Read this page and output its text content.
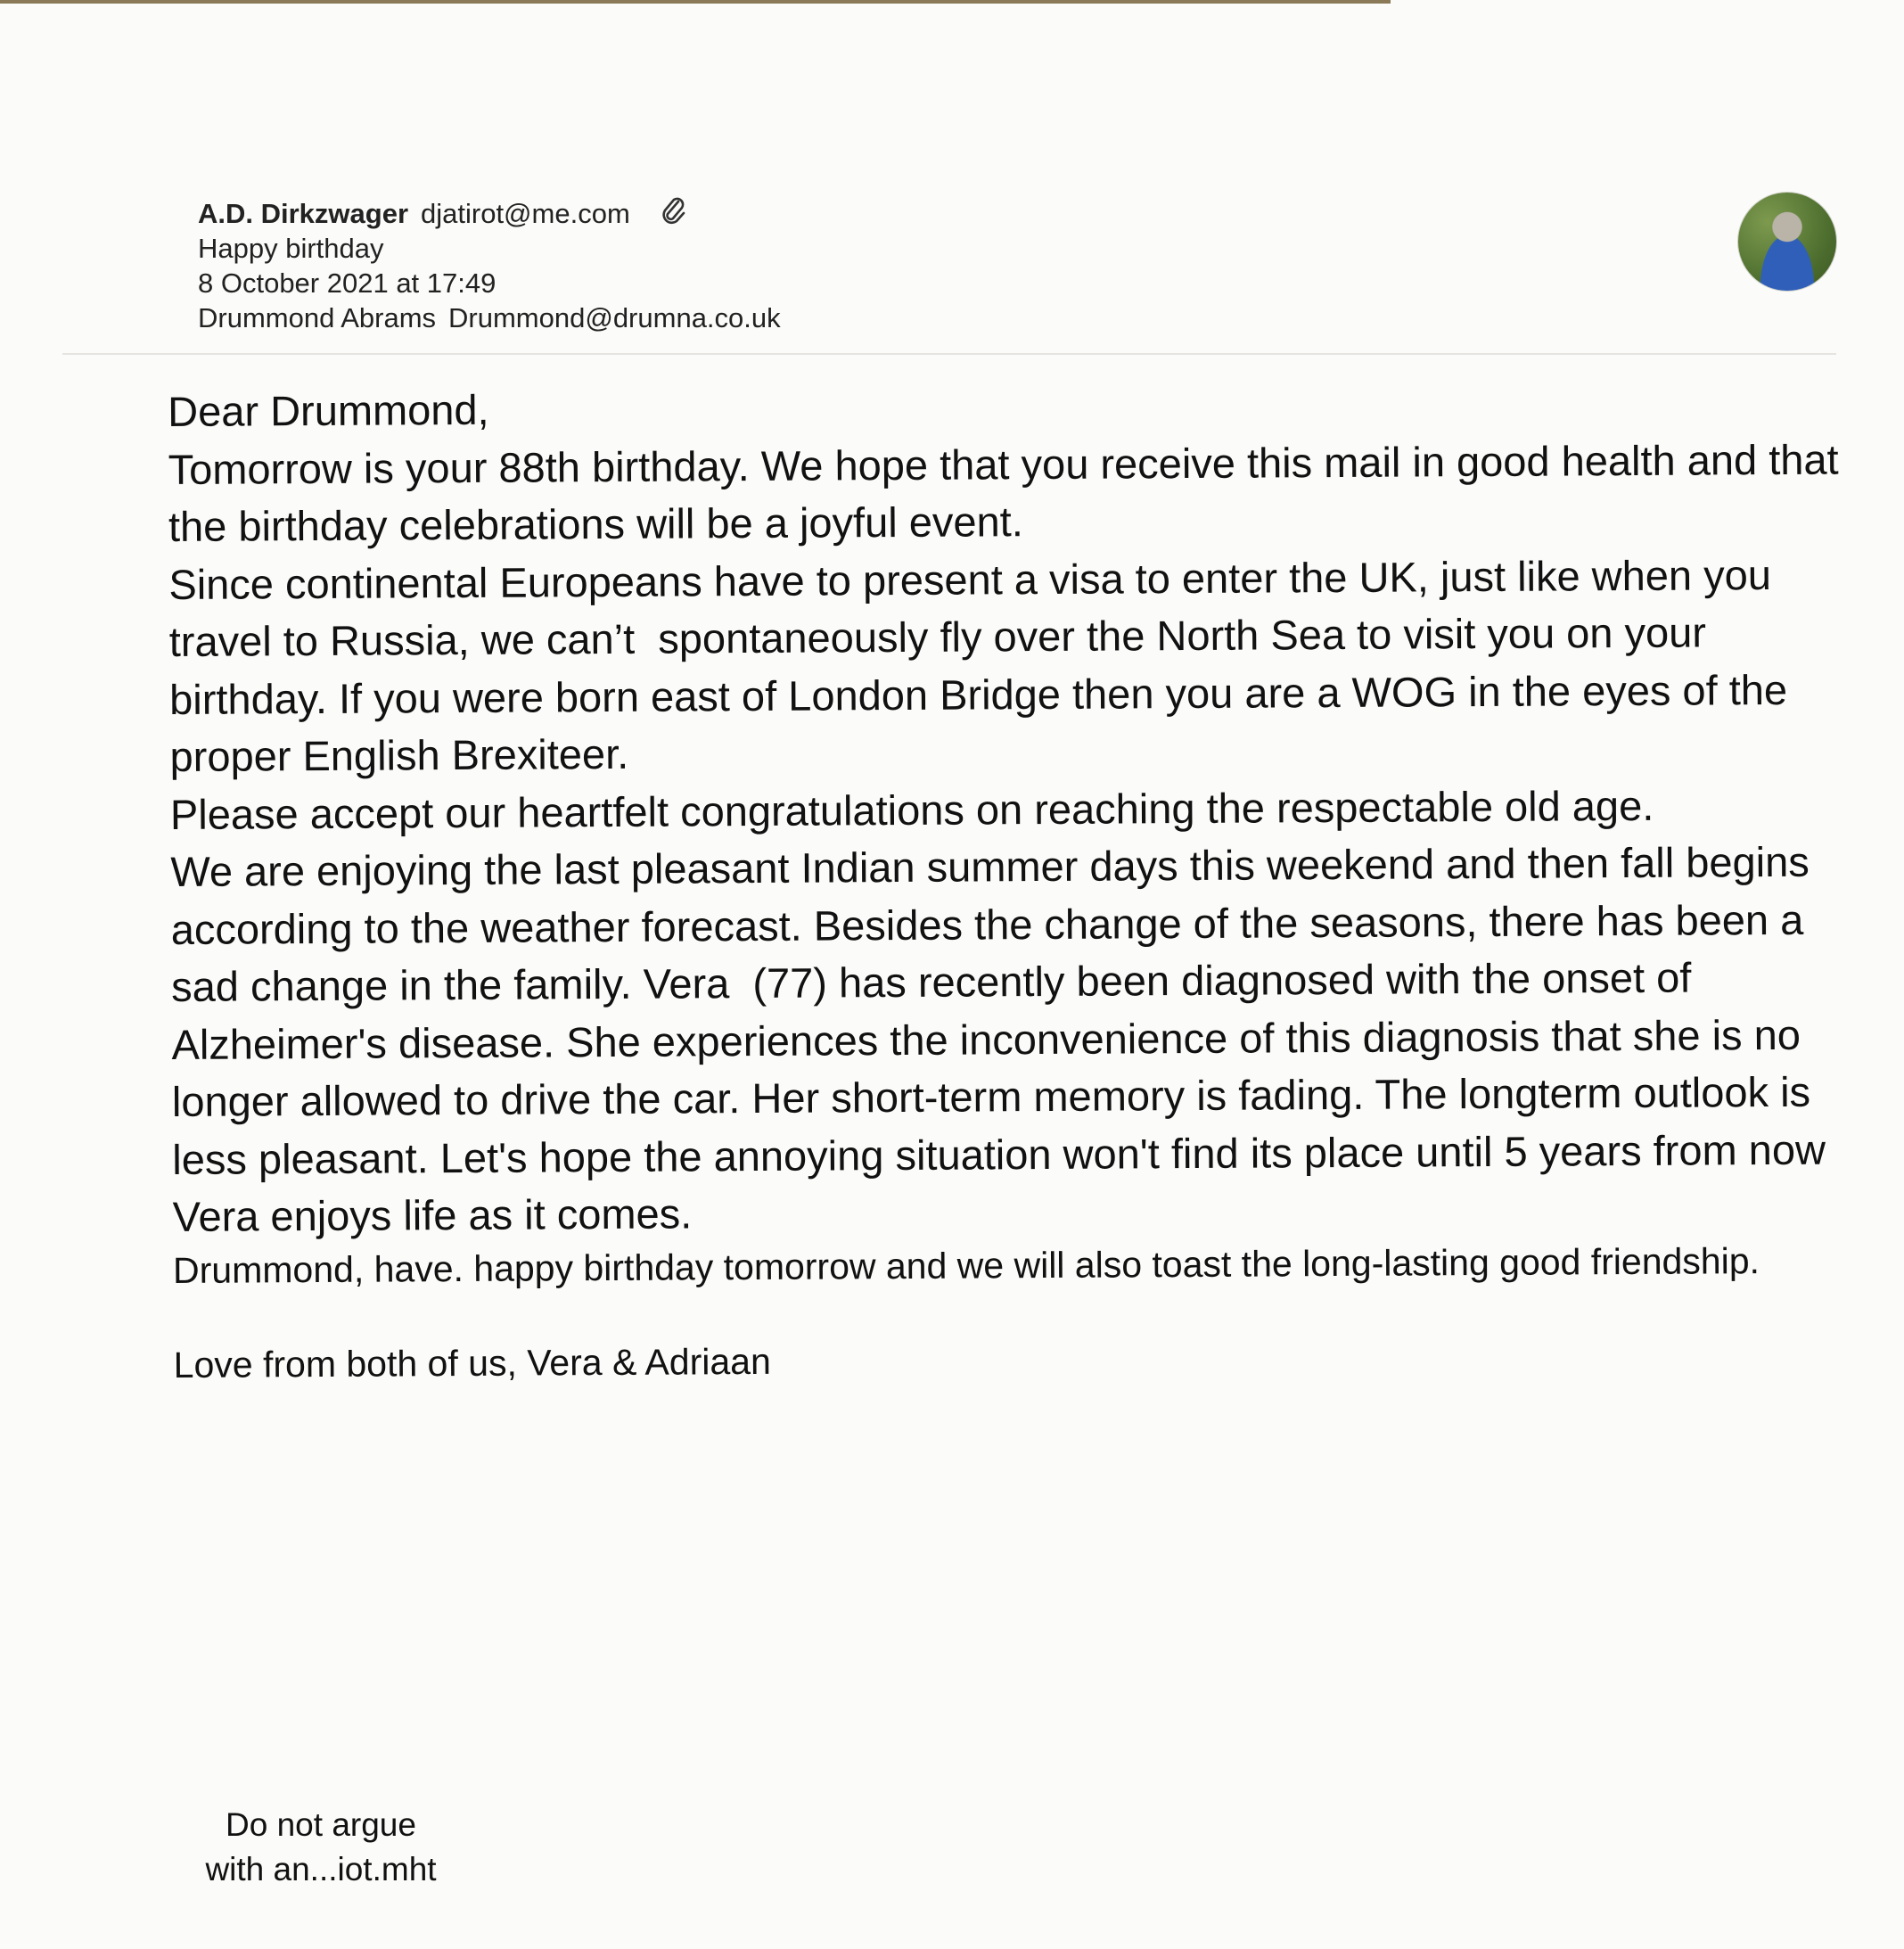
A.D. Dirkzwager djatirot@me.com
Happy birthday
8 October 2021 at 17:49
Drummond Abrams Drummond@drumna.co.uk

Dear Drummond,

Tomorrow is your 88th birthday. We hope that you receive this mail in good health and that the birthday celebrations will be a joyful event.

Since continental Europeans have to present a visa to enter the UK, just like when you travel to Russia, we can’t  spontaneously fly over the North Sea to visit you on your birthday. If you were born east of London Bridge then you are a WOG in the eyes of the proper English Brexiteer.

Please accept our heartfelt congratulations on reaching the respectable old age.

We are enjoying the last pleasant Indian summer days this weekend and then fall begins according to the weather forecast. Besides the change of the seasons, there has been a sad change in the family. Vera  (77) has recently been diagnosed with the onset of Alzheimer's disease. She experiences the inconvenience of this diagnosis that she is no longer allowed to drive the car. Her short-term memory is fading. The longterm outlook is less pleasant. Let's hope the annoying situation won't find its place until 5 years from now

Vera enjoys life as it comes.

Drummond, have. happy birthday tomorrow and we will also toast the long-lasting good friendship.

Love from both of us, Vera & Adriaan

Do not argue
with an...iot.mht
